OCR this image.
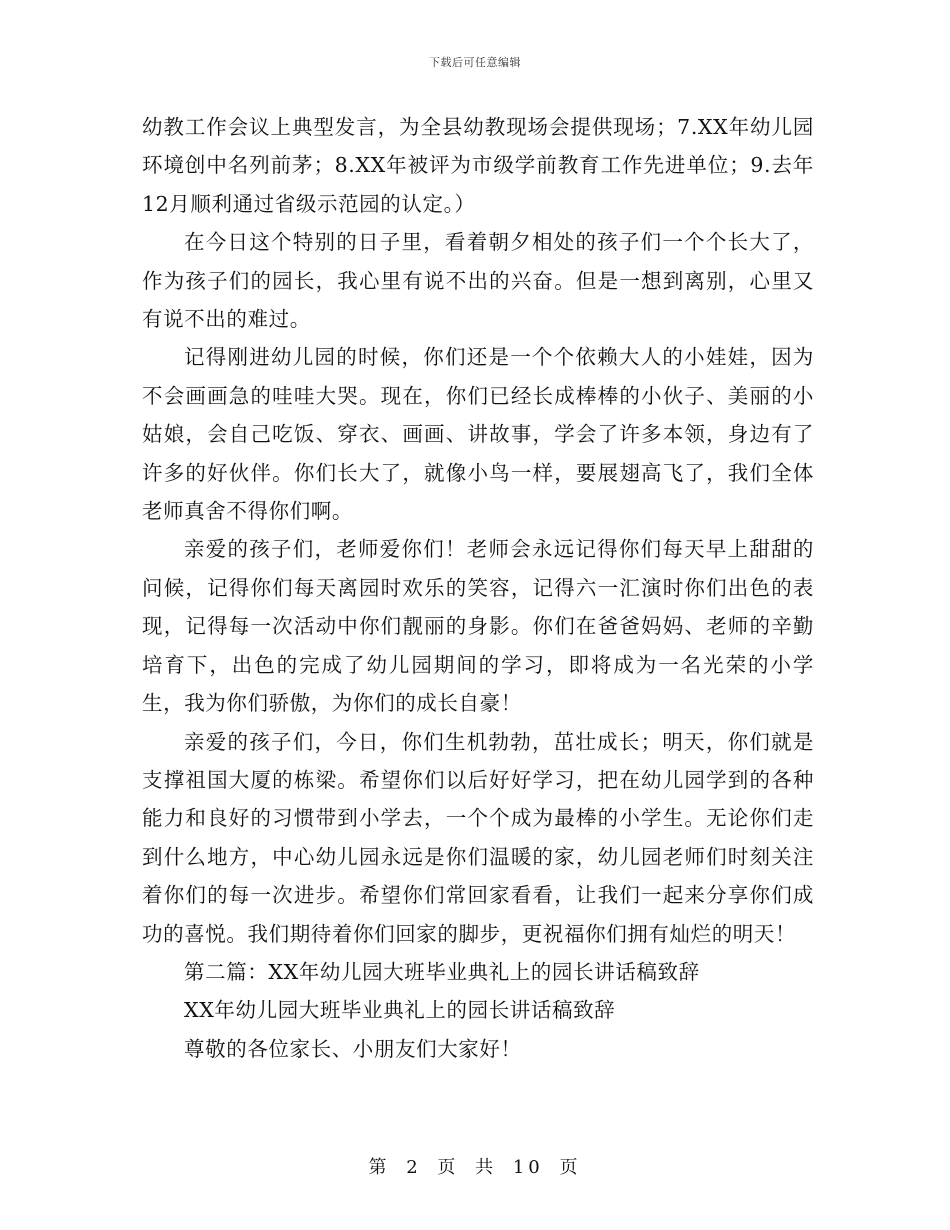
下载后可任意编辑

幼教工作会议上典型发言，为全县幼教现场会提供现场；7.XX年幼儿园环境创中名列前茅；8.XX年被评为市级学前教育工作先进单位；9.去年12月顺利通过省级示范园的认定。）

在今日这个特别的日子里，看着朝夕相处的孩子们一个个长大了，作为孩子们的园长，我心里有说不出的兴奋。但是一想到离别，心里又有说不出的难过。

记得刚进幼儿园的时候，你们还是一个个依赖大人的小娃娃，因为不会画画急的哇哇大哭。现在，你们已经长成棒棒的小伙子、美丽的小姑娘，会自己吃饭、穿衣、画画、讲故事，学会了许多本领，身边有了许多的好伙伴。你们长大了，就像小鸟一样，要展翅高飞了，我们全体老师真舍不得你们啊。

亲爱的孩子们，老师爱你们！老师会永远记得你们每天早上甜甜的问候，记得你们每天离园时欢乐的笑容，记得六一汇演时你们出色的表现，记得每一次活动中你们靓丽的身影。你们在爸爸妈妈、老师的辛勤培育下，出色的完成了幼儿园期间的学习，即将成为一名光荣的小学生，我为你们骄傲，为你们的成长自豪！

亲爱的孩子们，今日，你们生机勃勃，茁壮成长；明天，你们就是支撑祖国大厦的栋梁。希望你们以后好好学习，把在幼儿园学到的各种能力和良好的习惯带到小学去，一个个成为最棒的小学生。无论你们走到什么地方，中心幼儿园永远是你们温暖的家，幼儿园老师们时刻关注着你们的每一次进步。希望你们常回家看看，让我们一起来分享你们成功的喜悦。我们期待着你们回家的脚步，更祝福你们拥有灿烂的明天！

第二篇：XX年幼儿园大班毕业典礼上的园长讲话稿致辞

XX年幼儿园大班毕业典礼上的园长讲话稿致辞

尊敬的各位家长、小朋友们大家好！

第 2 页 共 10 页
